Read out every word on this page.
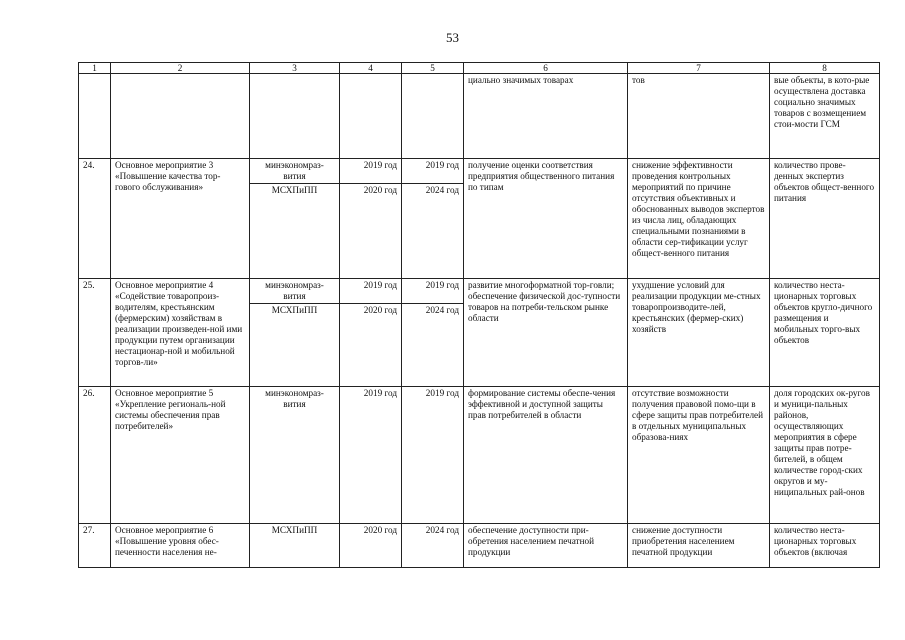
53
1	2	3	4	5	6	7	8
					циально значимых товарах	тов	вые объекты, в кото-рые осуществлена доставка социально значимых товаров с возмещением стои-мости ГСМ
24.	Основное мероприятие 3 «Повышение качества тор-гового обслуживания»	минэкономраз-вития	2019 год	2019 год	получение оценки соответствия предприятия общественного питания по типам	снижение эффективности проведения контрольных мероприятий по причине отсутствия объективных и обоснованных выводов экспертов из числа лиц, обладающих специальными познаниями в области сер-тификации услуг общест-венного питания	количество прове-денных экспертиз объектов общест-венного питания
		МСХПиПП	2020 год	2024 год			
25.	Основное мероприятие 4 «Содействие товаропроиз-водителям, крестьянским (фермерским) хозяйствам в реализации произведен-ной ими продукции путем организации нестационар-ной и мобильной торгов-ли»	минэкономраз-вития	2019 год	2019 год	развитие многоформатной тор-говли; обеспечение физической дос-тупности товаров на потреби-тельском рынке области	ухудшение условий для реализации продукции ме-стных товаропроизводите-лей, крестьянских (фермер-ских) хозяйств	количество неста-ционарных торговых объектов кругло-дичного размещения и мобильных торго-вых объектов
		МСХПиПП	2020 год	2024 год			
26.	Основное мероприятие 5 «Укрепление региональ-ной системы обеспечения прав потребителей»	минэкономраз-вития	2019 год	2019 год	формирование системы обеспе-чения эффективной и доступной защиты прав потребителей в области	отсутствие возможности получения правовой помо-щи в сфере защиты прав потребителей в отдельных муниципальных образова-ниях	доля городских ок-ругов и муници-пальных районов, осуществляющих мероприятия в сфере защиты прав потре-бителей, в общем количестве город-ских округов и му-ниципальных рай-онов
27.	Основное мероприятие 6 «Повышение уровня обес-печенности населения не-	МСХПиПП	2020 год	2024 год	обеспечение доступности при-обретения населением печатной продукции	снижение доступности приобретения населением печатной продукции	количество неста-ционарных торговых объектов (включая
